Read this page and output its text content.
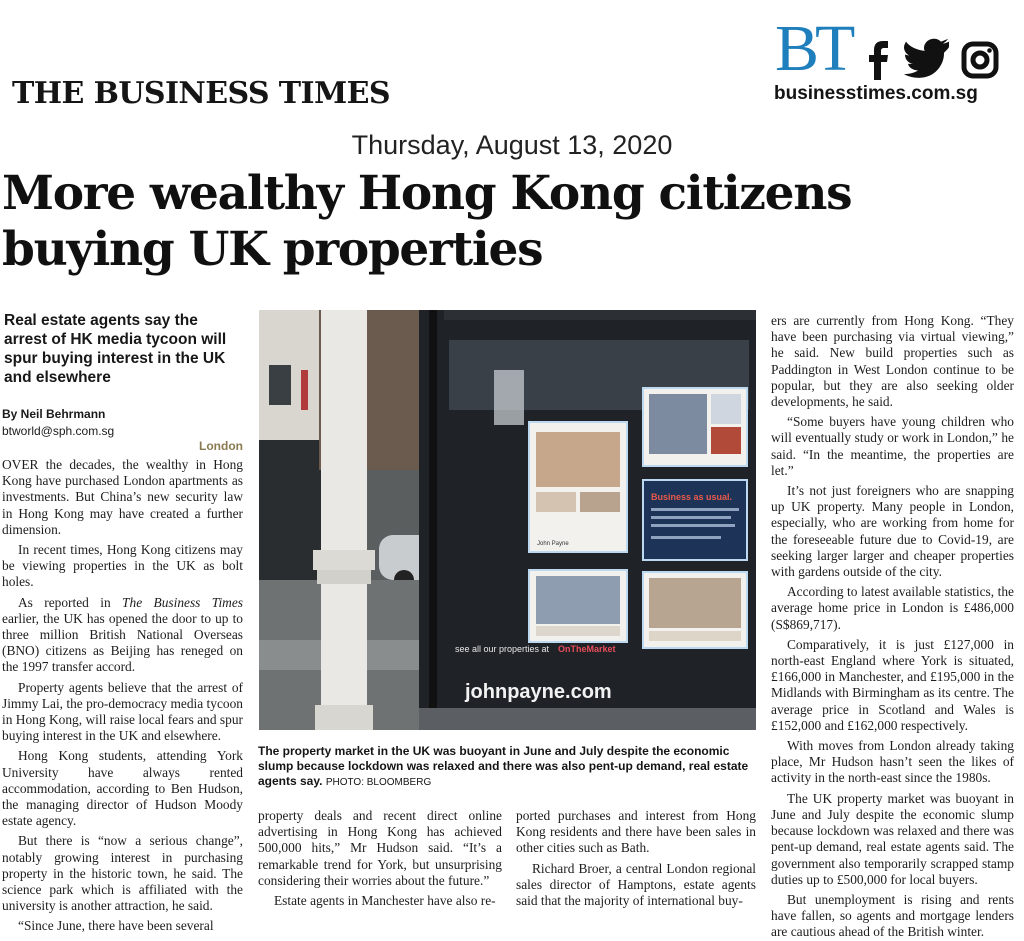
THE BUSINESS TIMES
BT
businesstimes.com.sg
Thursday, August 13, 2020
More wealthy Hong Kong citizens buying UK properties
Real estate agents say the arrest of HK media tycoon will spur buying interest in the UK and elsewhere
By Neil Behrmann
btworld@sph.com.sg
London

OVER the decades, the wealthy in Hong Kong have purchased London apartments as investments. But China’s new security law in Hong Kong may have created a further dimension.

In recent times, Hong Kong citizens may be viewing properties in the UK as bolt holes.

As reported in The Business Times earlier, the UK has opened the door to up to three million British National Overseas (BNO) citizens as Beijing has reneged on the 1997 transfer accord.

Property agents believe that the arrest of Jimmy Lai, the pro-democracy media tycoon in Hong Kong, will raise local fears and spur buying interest in the UK and elsewhere.

Hong Kong students, attending York University have always rented accommodation, according to Ben Hudson, the managing director of Hudson Moody estate agency.

But there is “now a serious change”, notably growing interest in purchasing property in the historic town, he said. The science park which is affiliated with the university is another attraction, he said.

“Since June, there have been several

John Payne
Business as usual.
see all our properties at OnTheMarket
johnpayne.com
The property market in the UK was buoyant in June and July despite the economic slump because lockdown was relaxed and there was also pent-up demand, real estate agents say. PHOTO: BLOOMBERG

property deals and recent direct online advertising in Hong Kong has achieved 500,000 hits,” Mr Hudson said. “It’s a remarkable trend for York, but unsurprising considering their worries about the future.”

Estate agents in Manchester have also re-

ported purchases and interest from Hong Kong residents and there have been sales in other cities such as Bath.

Richard Broer, a central London regional sales director of Hamptons, estate agents said that the majority of international buy-

ers are currently from Hong Kong. “They have been purchasing via virtual viewing,” he said. New build properties such as Paddington in West London continue to be popular, but they are also seeking older developments, he said.

“Some buyers have young children who will eventually study or work in London,” he said. “In the meantime, the properties are let.”

It’s not just foreigners who are snapping up UK property. Many people in London, especially, who are working from home for the foreseeable future due to Covid-19, are seeking larger larger and cheaper properties with gardens outside of the city.

According to latest available statistics, the average home price in London is £486,000 (S$869,717).

Comparatively, it is just £127,000 in north-east England where York is situated, £166,000 in Manchester, and £195,000 in the Midlands with Birmingham as its centre. The average price in Scotland and Wales is £152,000 and £162,000 respectively.

With moves from London already taking place, Mr Hudson hasn’t seen the likes of activity in the north-east since the 1980s.

The UK property market was buoyant in June and July despite the economic slump because lockdown was relaxed and there was pent-up demand, real estate agents said. The government also temporarily scrapped stamp duties up to £500,000 for local buyers.

But unemployment is rising and rents have fallen, so agents and mortgage lenders are cautious ahead of the British winter.
